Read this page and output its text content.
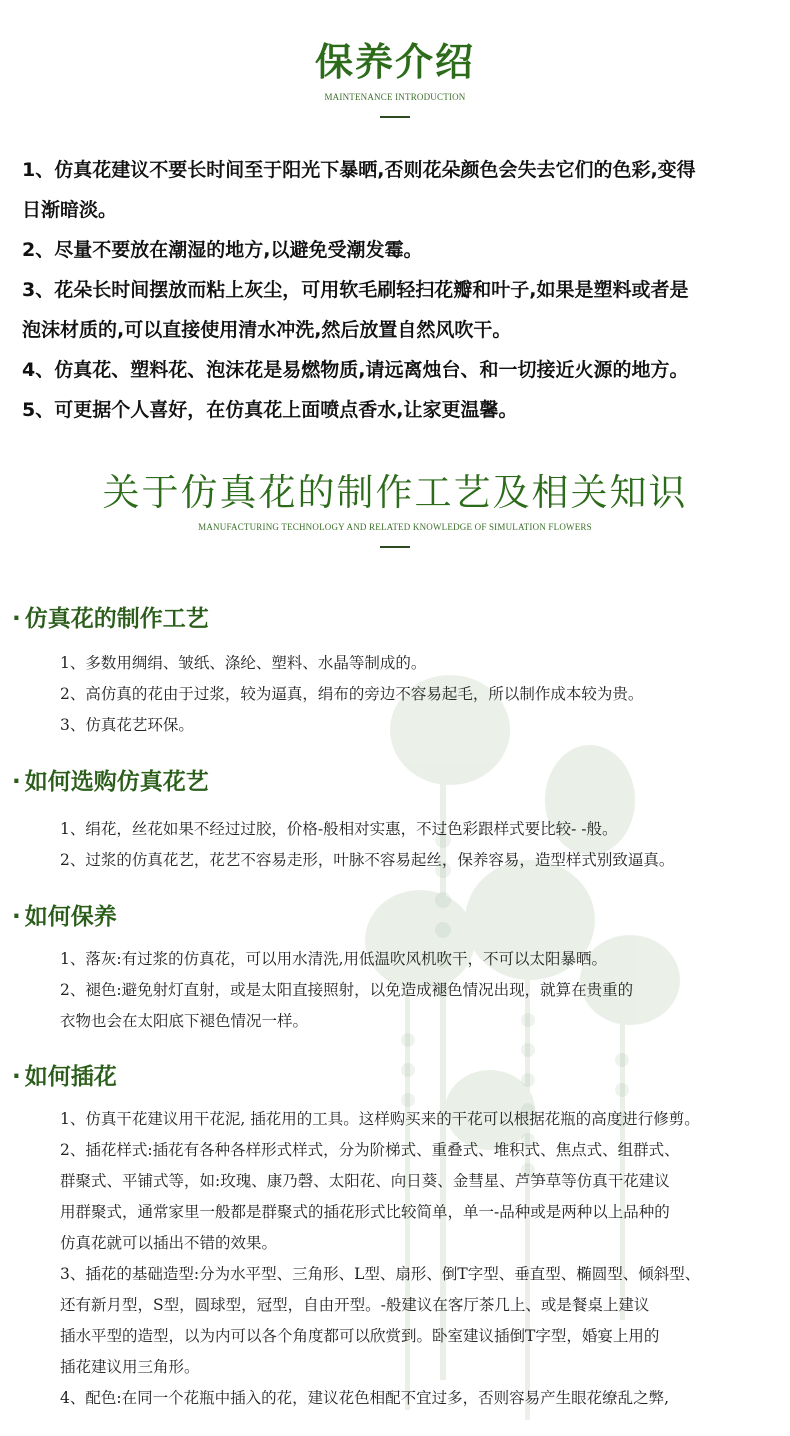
保养介绍
MAINTENANCE INTRODUCTION

1、仿真花建议不要长时间至于阳光下暴晒,否则花朵颜色会失去它们的色彩,变得

日渐暗淡。

2、尽量不要放在潮湿的地方,以避免受潮发霉。

3、花朵长时间摆放而粘上灰尘，可用软毛刷轻扫花瓣和叶子,如果是塑料或者是

泡沫材质的,可以直接使用清水冲洗,然后放置自然风吹干。

4、仿真花、塑料花、泡沫花是易燃物质,请远离烛台、和一切接近火源的地方。

5、可更据个人喜好，在仿真花上面喷点香水,让家更温馨。

关于仿真花的制作工艺及相关知识
MANUFACTURING TECHNOLOGY AND RELATED KNOWLEDGE OF SIMULATION FLOWERS
· 仿真花的制作工艺

1、多数用绸绢、皱纸、涤纶、塑料、水晶等制成的。

2、高仿真的花由于过浆，较为逼真，绢布的旁边不容易起毛，所以制作成本较为贵。

3、仿真花艺环保。

· 如何选购仿真花艺

1、绢花，丝花如果不经过过胶，价格-般相对实惠，不过色彩跟样式要比较- -般。

2、过浆的仿真花艺，花艺不容易走形，叶脉不容易起丝，保养容易，造型样式别致逼真。

· 如何保养

1、落灰:有过浆的仿真花，可以用水清洗,用低温吹风机吹干，不可以太阳暴晒。

2、褪色:避免射灯直射，或是太阳直接照射，以免造成褪色情况出现，就算在贵重的

衣物也会在太阳底下褪色情况一样。

· 如何插花

1、仿真干花建议用干花泥, 插花用的工具。这样购买来的干花可以根据花瓶的高度进行修剪。

2、插花样式:插花有各种各样形式样式，分为阶梯式、重叠式、堆积式、焦点式、组群式、

群聚式、平铺式等，如:玫瑰、康乃磬、太阳花、向日葵、金彗星、芦笋草等仿真干花建议

用群聚式，通常家里一般都是群聚式的插花形式比较简单，单一-品种或是两种以上品种的

仿真花就可以插出不错的效果。

3、插花的基础造型:分为水平型、三角形、L型、扇形、倒T字型、垂直型、椭圆型、倾斜型、

还有新月型，S型，圆球型，冠型，自由开型。-般建议在客厅茶几上、或是餐桌上建议

插水平型的造型，以为内可以各个角度都可以欣赏到。卧室建议插倒T字型，婚宴上用的

插花建议用三角形。

4、配色:在同一个花瓶中插入的花，建议花色相配不宜过多，否则容易产生眼花缭乱之弊,
